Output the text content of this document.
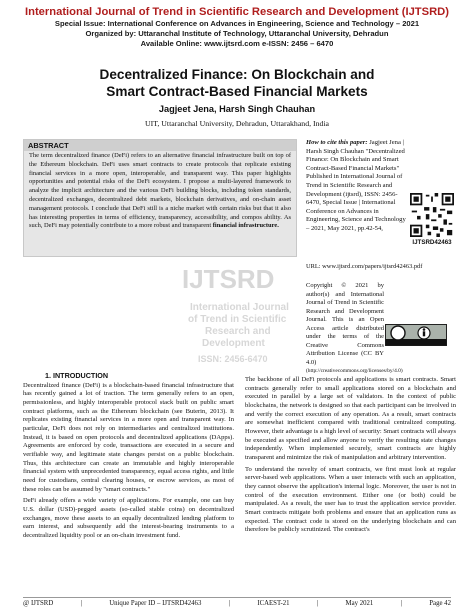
International Journal of Trend in Scientific Research and Development (IJTSRD)
Special Issue: International Conference on Advances in Engineering, Science and Technology – 2021
Organized by: Uttaranchal Institute of Technology, Uttaranchal University, Dehradun
Available Online: www.ijtsrd.com e-ISSN: 2456 – 6470
Decentralized Finance: On Blockchain and
Smart Contract-Based Financial Markets
Jagjeet Jena, Harsh Singh Chauhan
UIT, Uttaranchal University, Dehradun, Uttarakhand, India
ABSTRACT
The term decentralized finance (DeFi) refers to an alternative financial infrastructure built on top of the Ethereum blockchain. DeFi uses smart contracts to create protocols that replicate existing financial services in a more open, interoperable, and transparent way. This paper highlights opportunities and potential risks of the DeFi ecosystem. I propose a multi-layered framework to analyze the implicit architecture and the various DeFi building blocks, including token standards, decentralized exchanges, decentralized debt markets, blockchain derivatives, and on-chain asset management protocols. I conclude that DeFi still is a niche market with certain risks but that it also has interesting properties in terms of efficiency, transparency, accessibility, and compos ability. As such, DeFi may potentially contribute to a more robust and transparent financial infrastructure.
How to cite this paper: Jagjeet Jena | Harsh Singh Chauhan "Decentralized Finance: On Blockchain and Smart Contract-Based Financial Markets" Published in International Journal of Trend in Scientific Research and Development (ijtsrd), ISSN: 2456-6470, Special Issue | International Conference on Advances in Engineering, Science and Technology – 2021, May 2021, pp.42-54,
IJTSRD42463
URL: www.ijtsrd.com/papers/ijtsrd42463.pdf
Copyright © 2021 by author(s) and International Journal of Trend in Scientific Research and Development Journal. This is an Open Access article distributed under the terms of the Creative Commons Attribution License (CC BY 4.0)
(http://creativecommons.org/licenses/by/4.0)
IJTSRD
International Journal
of Trend in Scientific
Research and
Development
ISSN: 2456-6470
1. INTRODUCTION

Decentralized finance (DeFi) is a blockchain-based financial infrastructure that has recently gained a lot of traction. The term generally refers to an open, permissionless, and highly interoperable protocol stack built on public smart contract platforms, such as the Ethereum blockchain (see Buterin, 2013). It replicates existing financial services in a more open and transparent way. In particular, DeFi does not rely on intermediaries and centralized institutions. Instead, it is based on open protocols and decentralized applications (DApps). Agreements are enforced by code, transactions are executed in a secure and verifiable way, and legitimate state changes persist on a public blockchain. Thus, this architecture can create an immutable and highly interoperable financial system with unprecedented transparency, equal access rights, and little need for custodians, central clearing houses, or escrow services, as most of these roles can be assumed by "smart contracts."

DeFi already offers a wide variety of applications. For example, one can buy U.S. dollar (USD)-pegged assets (so-called stable coins) on decentralized exchanges, move these assets to an equally decentralized lending platform to earn interest, and subsequently add the interest-bearing instruments to a decentralized liquidity pool or an on-chain investment fund.

The backbone of all DeFi protocols and applications is smart contracts. Smart contracts generally refer to small applications stored on a blockchain and executed in parallel by a large set of validators. In the context of public blockchains, the network is designed so that each participant can be involved in and verify the correct execution of any operation. As a result, smart contracts are somewhat inefficient compared with traditional centralized computing. However, their advantage is a high level of security: Smart contracts will always be executed as specified and allow anyone to verify the resulting state changes independently. When implemented securely, smart contracts are highly transparent and minimize the risk of manipulation and arbitrary intervention.

To understand the novelty of smart contracts, we first must look at regular server-based web applications. When a user interacts with such an application, they cannot observe the application's internal logic. Moreover, the user is not in control of the execution environment. Either one (or both) could be manipulated. As a result, the user has to trust the application service provider. Smart contracts mitigate both problems and ensure that an application runs as expected. The contract code is stored on the underlying blockchain and can therefore be publicly scrutinized. The contract's

@ IJTSRD	|	Unique Paper ID – IJTSRD42463	|	ICAEST-21	|	May 2021	|	Page 42
